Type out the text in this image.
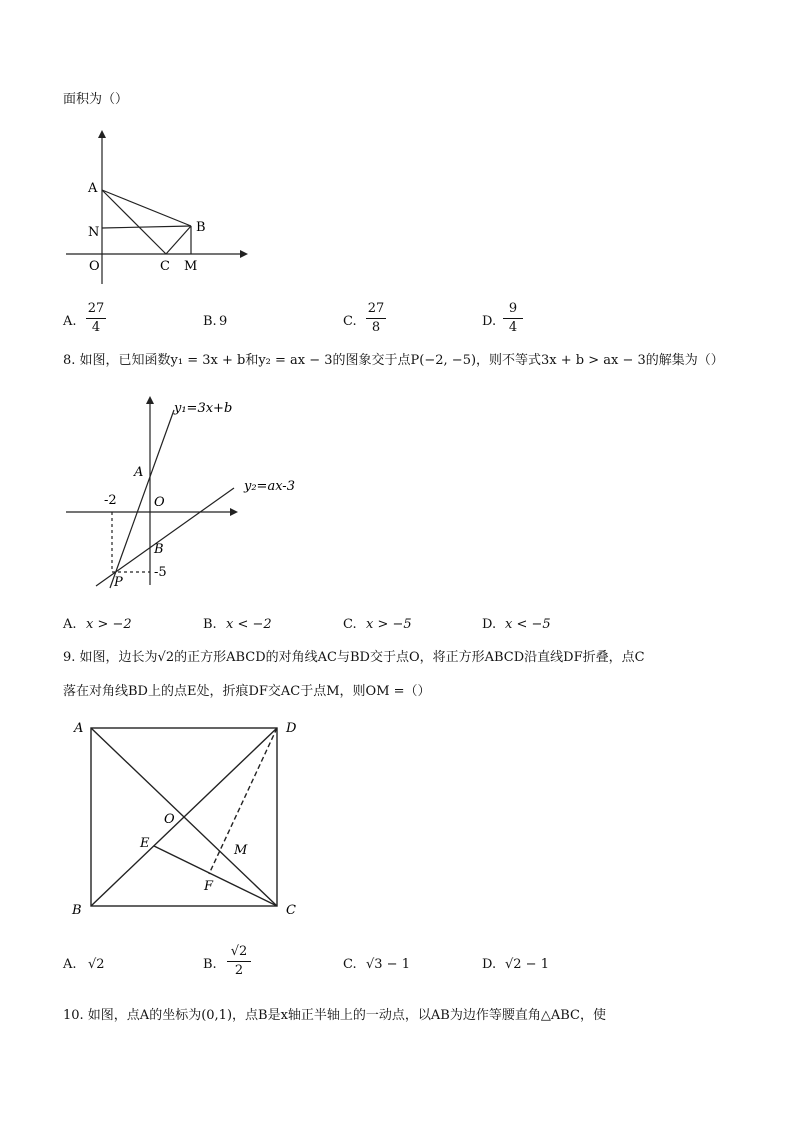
面积为（）
A
N
O	C
B
M
A.
27
4	B. 9	C.
27
8	D.
9
4
8. 如图，已知函数y₁ = 3x + b和y₂ = ax − 3的图象交于点P(−2, −5)，则不等式3x + b > ax − 3的解集为（）
y₁=3x+b
y₂=ax-3
A
O
B
P
-2
-5
A. x > −2	B. x < −2	C. x > −5	D. x < −5
9. 如图，边长为√2的正方形ABCD的对角线AC与BD交于点O，将正方形ABCD沿直线DF折叠，点C
落在对角线BD上的点E处，折痕DF交AC于点M，则OM =（）
A	D
B	C
O
E	M
F
A. √2	B.
√2
2	C. √3 − 1	D. √2 − 1
10. 如图，点A的坐标为(0,1)，点B是x轴正半轴上的一动点，以AB为边作等腰直角△ABC，使
